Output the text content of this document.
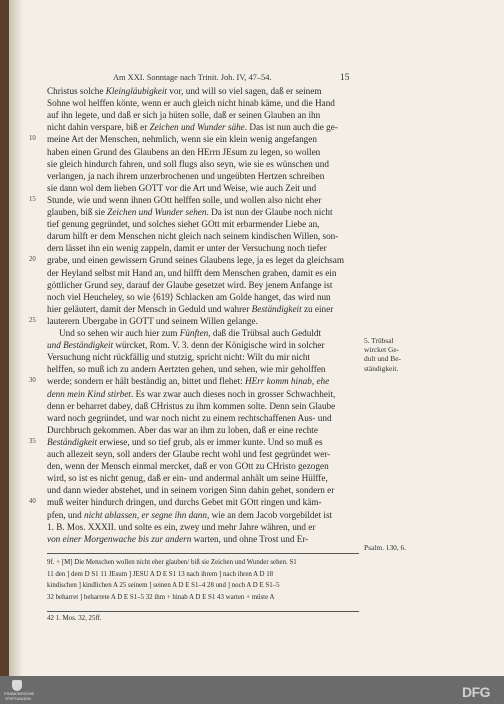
Am XXI. Sonntage nach Trinit. Joh. IV, 47–54.	15
Christus solche Kleingläubigkeit vor, und will so viel sagen, daß er seinem
Sohne wol helffen könte, wenn er auch gleich nicht hinab käme, und die Hand
auf ihn legete, und daß er sich ja hüten solle, daß er seinen Glauben an ihn
nicht dahin verspare, biß er Zeichen und Wunder sähe. Das ist nun auch die ge-
meine Art der Menschen, nehmlich, wenn sie ein klein wenig angefangen
haben einen Grund des Glaubens an den HErrn JEsum zu legen, so wollen
sie gleich hindurch fahren, und soll flugs also seyn, wie sie es wünschen und
verlangen, ja nach ihrem unzerbrochenen und ungeübten Hertzen schreiben
sie dann wol dem lieben GOTT vor die Art und Weise, wie auch Zeit und
Stunde, wie und wenn ihnen GOtt helffen solle, und wollen also nicht eher
glauben, biß sie Zeichen und Wunder sehen. Da ist nun der Glaube noch nicht
tief genung gegründet, und solches siehet GOtt mit erbarmender Liebe an,
darum hilft er dem Menschen nicht gleich nach seinem kindischen Willen, son-
dern lässet ihn ein wenig zappeln, damit er unter der Versuchung noch tiefer
grabe, und einen gewissern Grund seines Glaubens lege, ja es leget da gleichsam
der Heyland selbst mit Hand an, und hilfft dem Menschen graben, damit es ein
göttlicher Grund sey, darauf der Glaube gesetzet wird. Bey jenem Anfange ist
noch viel Heucheley, so wie ⟨619⟩ Schlacken am Golde hanget, das wird nun
hier geläutert, damit der Mensch in Geduld und wahrer Beständigkeit zu einer
lauterern Ubergabe in GOTT und seinem Willen gelange.
Und so sehen wir auch hier zum Fünften, daß die Trübsal auch Geduldt
und Beständigkeit würcket, Rom. V. 3. denn der Königische wird in solcher
Versuchung nicht rückfällig und stutzig, spricht nicht: Wilt du mir nicht
helffen, so muß ich zu andern Aertzten gehen, und sehen, wie mir geholffen
werde; sondern er hält beständig an, bittet und flehet: HErr komm hinab, ehe
denn mein Kind stirbet. Es war zwar auch dieses noch in grosser Schwachheit,
denn er beharret dabey, daß CHristus zu ihm kommen solte. Denn sein Glaube
ward noch gegründet, und war noch nicht zu einem rechtschaffenen Aus- und
Durchbruch gekommen. Aber das war an ihm zu loben, daß er eine rechte
Beständigkeit erwiese, und so tief grub, als er immer kunte. Und so muß es
auch allezeit seyn, soll anders der Glaube recht wohl und fest gegründet wer-
den, wenn der Mensch einmal mercket, daß er von GOtt zu CHristo gezogen
wird, so ist es nicht genug, daß er ein- und andermal anhält um seine Hülffe,
und dann wieder abstehet, und in seinem vorigen Sinn dahin gehet, sondern er
muß weiter hindurch dringen, und durchs Gebet mit GOtt ringen und käm-
pfen, und nicht ablassen, er segne ihn dann, wie an dem Jacob vorgebildet ist
1. B. Mos. XXXII. und solte es ein, zwey und mehr Jahre währen, und er
von einer Morgenwache bis zur andern warten, und ohne Trost und Er-
10
15
20
25
30
35
40
5. Trübsal
wircket Ge-
dult und Be-
ständigkeit.
Psalm. 130, 6.
9f. + [M] Die Menschen wollen nicht eher glauben/ biß sie Zeichen und Wunder sehen. S1
11 den ] dem D S1 11 JEsum ] JESU A D E S1 13 nach ihrem ] nach ihren A D 18
kindischen ] kindlichen A 25 seinem ] seinen A D E S1–4 28 und ] noch A D E S1–5
32 beharret ] beharrete A D E S1–5 32 ihm + hinab A D E S1 43 warten + müste A
42 1. Mos. 32, 25ff.
FRANCKESCHE
STIFTUNGEN	DFG
